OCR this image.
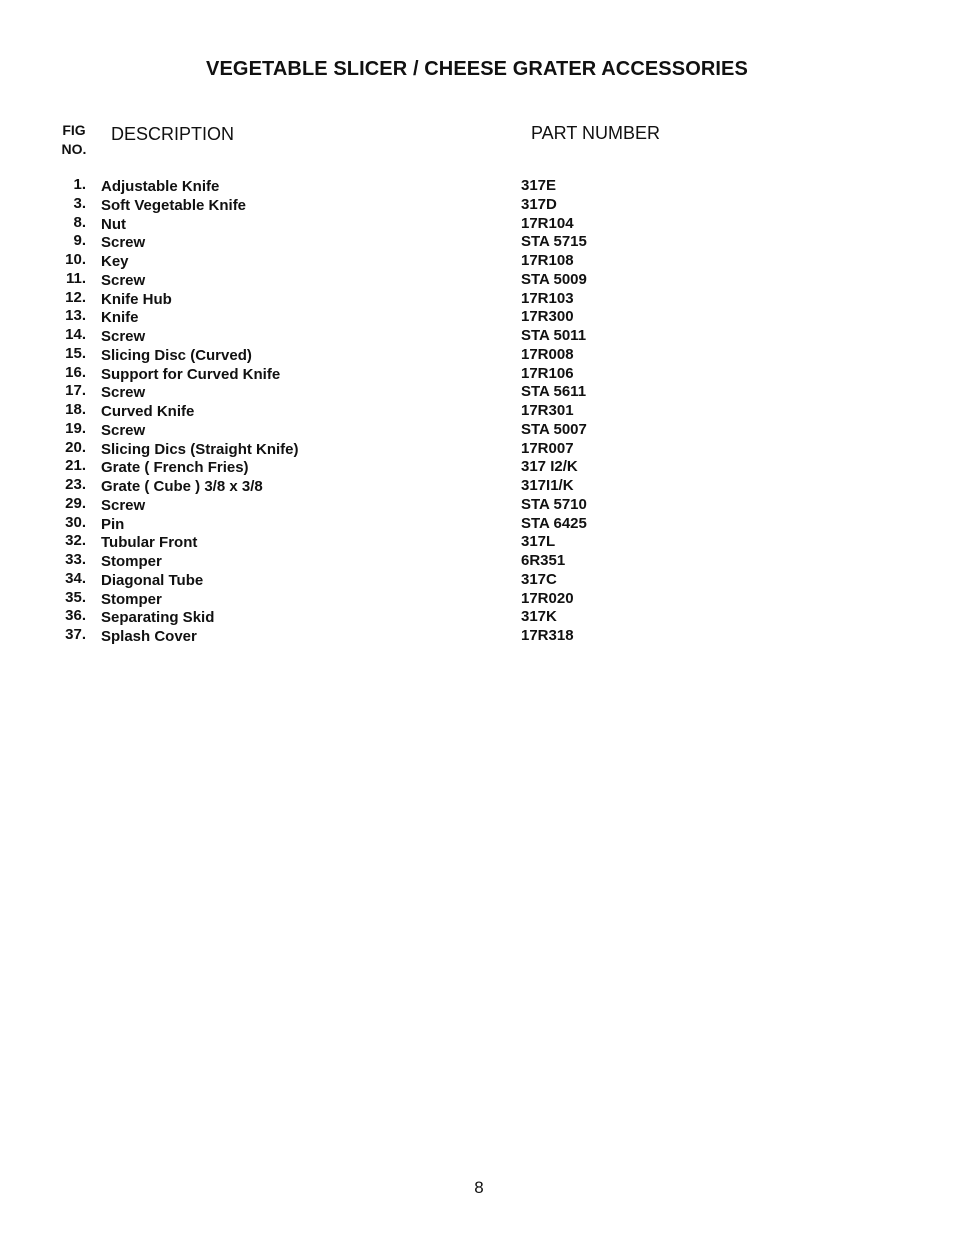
VEGETABLE SLICER / CHEESE GRATER ACCESSORIES
FIG
NO.
DESCRIPTION	PART NUMBER
1. Adjustable Knife	317E
3. Soft Vegetable Knife	317D
8. Nut	17R104
9. Screw	STA 5715
10. Key	17R108
11. Screw	STA 5009
12. Knife Hub	17R103
13. Knife	17R300
14. Screw	STA 5011
15. Slicing Disc (Curved)	17R008
16. Support for Curved Knife	17R106
17. Screw	STA 5611
18. Curved Knife	17R301
19. Screw	STA 5007
20. Slicing Dics (Straight Knife)	17R007
21. Grate ( French Fries)	317 I2/K
23. Grate ( Cube ) 3/8 x 3/8	317I1/K
29. Screw	STA 5710
30. Pin	STA 6425
32. Tubular Front	317L
33. Stomper	6R351
34. Diagonal Tube	317C
35. Stomper	17R020
36. Separating Skid	317K
37. Splash Cover	17R318
8
